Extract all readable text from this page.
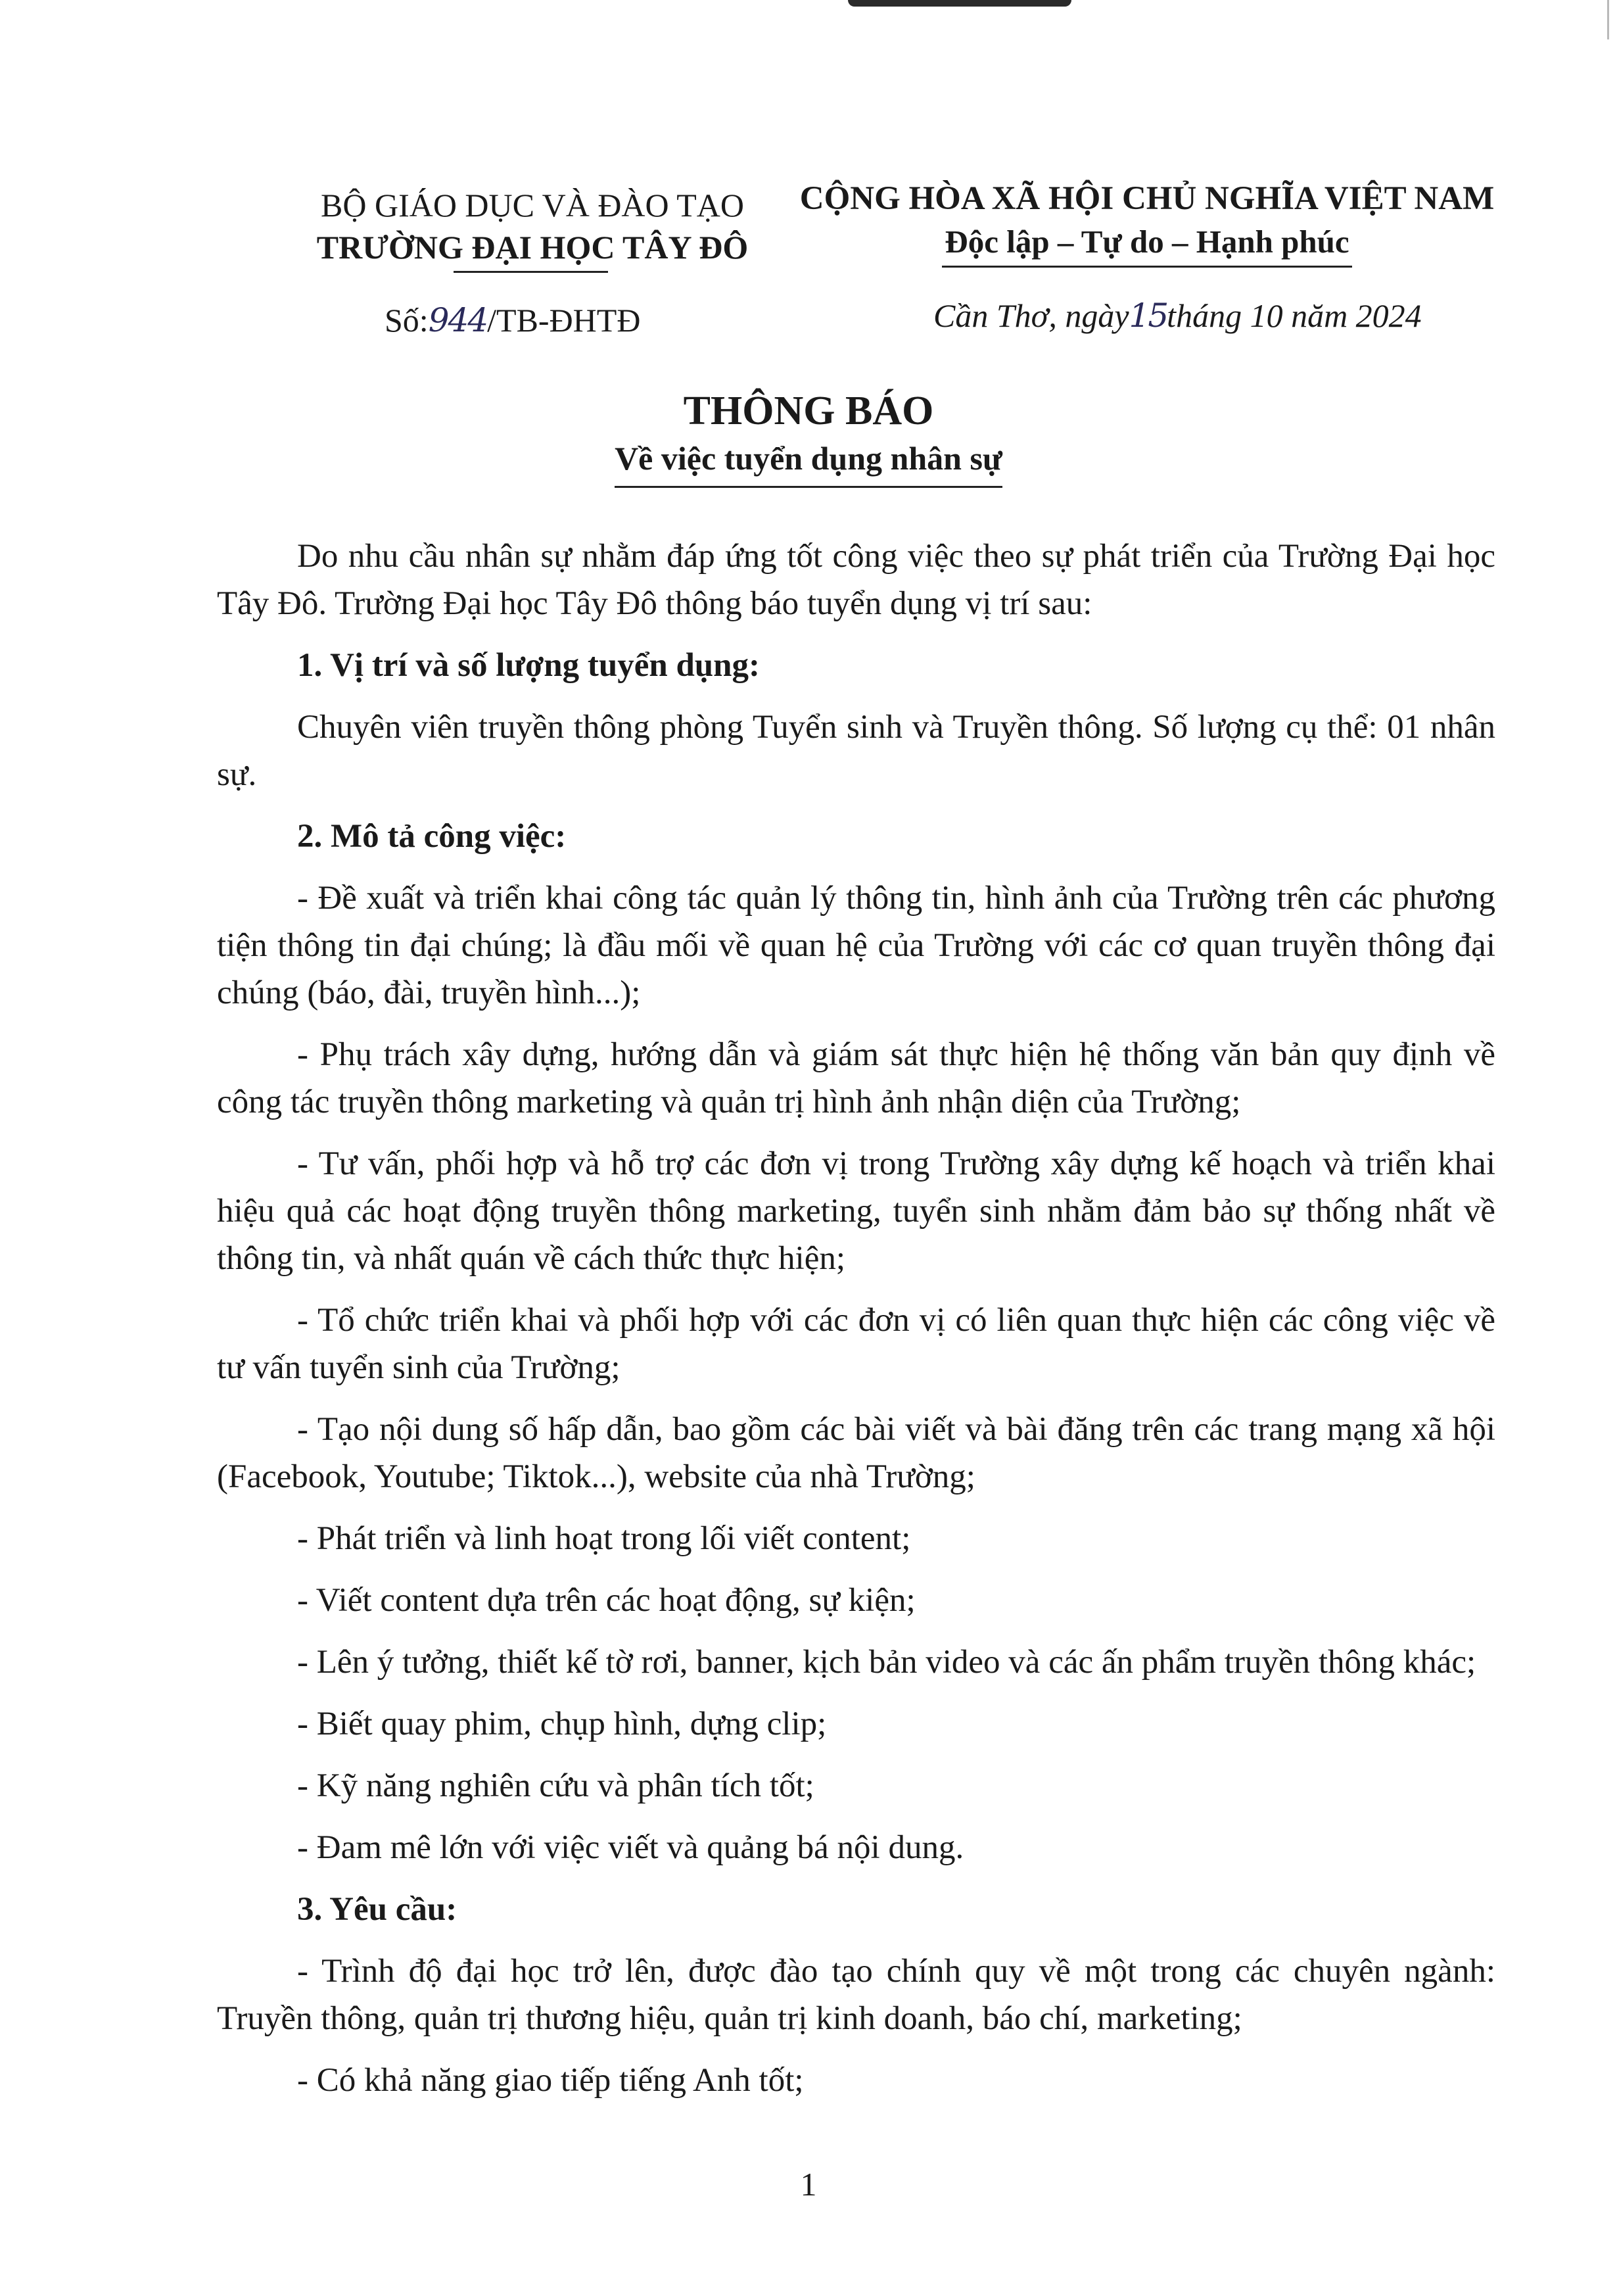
BỘ GIÁO DỤC VÀ ĐÀO TẠO
TRƯỜNG ĐẠI HỌC TÂY ĐÔ
CỘNG HÒA XÃ HỘI CHỦ NGHĨA VIỆT NAM
Độc lập – Tự do – Hạnh phúc
Số:944/TB-ĐHTĐ	Cần Thơ, ngày15tháng 10 năm 2024
THÔNG BÁO
Về việc tuyển dụng nhân sự

Do nhu cầu nhân sự nhằm đáp ứng tốt công việc theo sự phát triển của Trường Đại học Tây Đô. Trường Đại học Tây Đô thông báo tuyển dụng vị trí sau:

1. Vị trí và số lượng tuyển dụng:

Chuyên viên truyền thông phòng Tuyển sinh và Truyền thông. Số lượng cụ thể: 01 nhân sự.

2. Mô tả công việc:

- Đề xuất và triển khai công tác quản lý thông tin, hình ảnh của Trường trên các phương tiện thông tin đại chúng; là đầu mối về quan hệ của Trường với các cơ quan truyền thông đại chúng (báo, đài, truyền hình...);

- Phụ trách xây dựng, hướng dẫn và giám sát thực hiện hệ thống văn bản quy định về công tác truyền thông marketing và quản trị hình ảnh nhận diện của Trường;

- Tư vấn, phối hợp và hỗ trợ các đơn vị trong Trường xây dựng kế hoạch và triển khai hiệu quả các hoạt động truyền thông marketing, tuyển sinh nhằm đảm bảo sự thống nhất về thông tin, và nhất quán về cách thức thực hiện;

- Tổ chức triển khai và phối hợp với các đơn vị có liên quan thực hiện các công việc về tư vấn tuyển sinh của Trường;

- Tạo nội dung số hấp dẫn, bao gồm các bài viết và bài đăng trên các trang mạng xã hội (Facebook, Youtube; Tiktok...), website của nhà Trường;

- Phát triển và linh hoạt trong lối viết content;

- Viết content dựa trên các hoạt động, sự kiện;

- Lên ý tưởng, thiết kế tờ rơi, banner, kịch bản video và các ấn phẩm truyền thông khác;

- Biết quay phim, chụp hình, dựng clip;

- Kỹ năng nghiên cứu và phân tích tốt;

- Đam mê lớn với việc viết và quảng bá nội dung.

3. Yêu cầu:

- Trình độ đại học trở lên, được đào tạo chính quy về một trong các chuyên ngành: Truyền thông, quản trị thương hiệu, quản trị kinh doanh, báo chí, marketing;

- Có khả năng giao tiếp tiếng Anh tốt;

1
